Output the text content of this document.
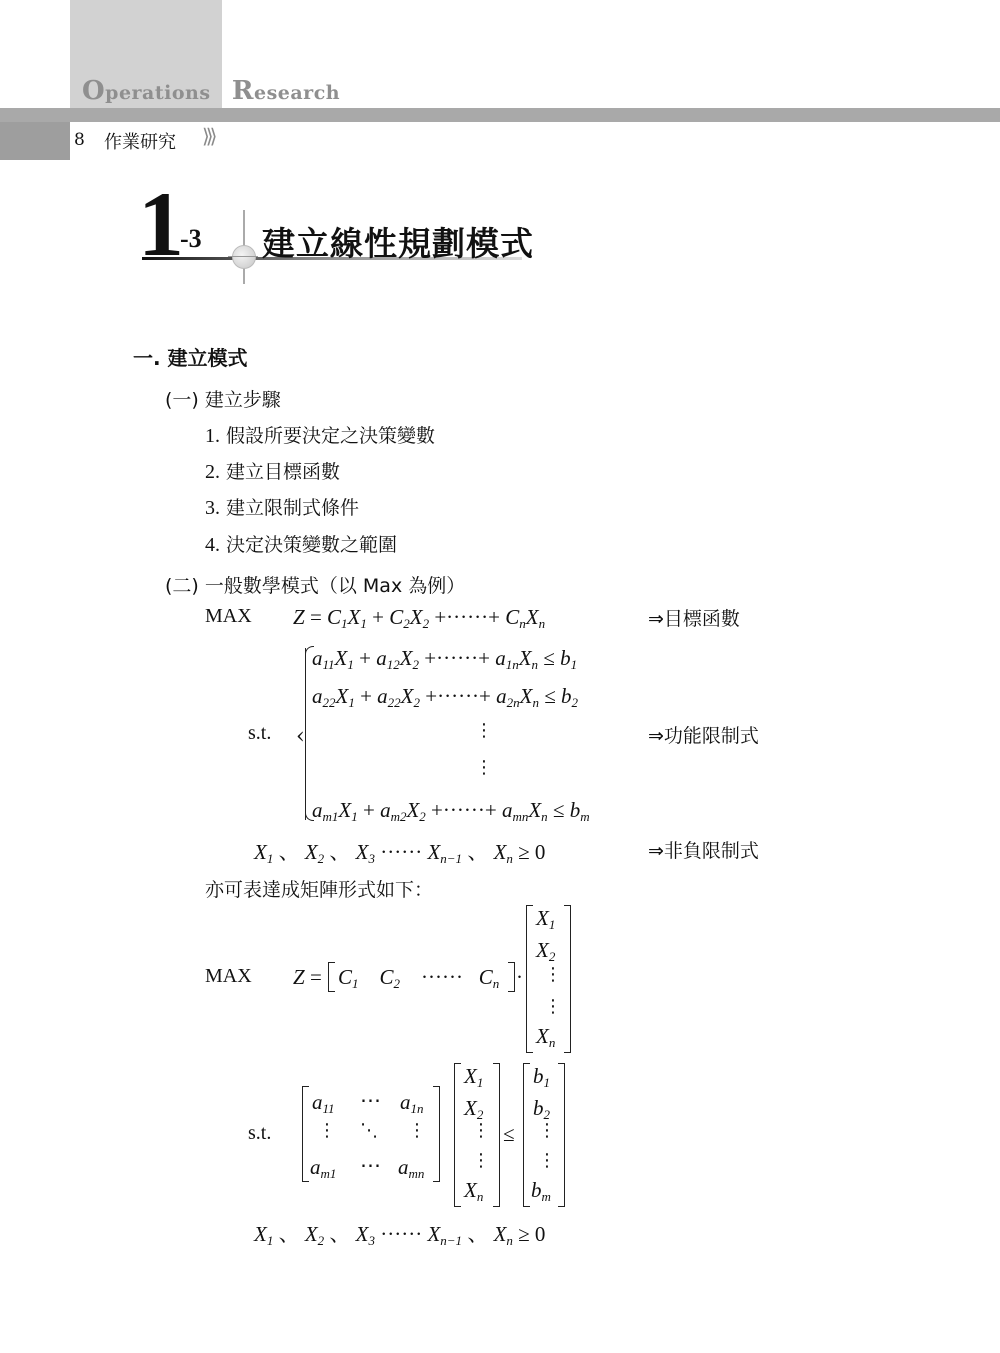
Operations Research
8 作業研究 ⟩⟩⟩
1
-3 建立線性規劃模式
一. 建立模式
(一) 建立步驟
1. 假設所要決定之決策變數
2. 建立目標函數
3. 建立限制式條件
4. 決定決策變數之範圍
(二) 一般數學模式（以 Max 為例）
MAX $Z = C_1X_1 + C_2X_2$ +······+ $C_nX_n$	⇒目標函數
‹
s.t.
$a_{11}X_1 + a_{12}X_2$ +······+ $a_{1n}X_n \le b_1$
$a_{22}X_1 + a_{22}X_2$ +······+ $a_{2n}X_n \le b_2$
⋮
⋮
$a_{m1}X_1 + a_{m2}X_2$ +······+ $a_{mn}X_n \le b_m$
⇒功能限制式
$X_1$ 、 $X_2$ 、 $X_3$ ······ $X_{n-1}$ 、 $X_n \ge 0$	⇒非負限制式
亦可表達成矩陣形式如下：
MAX $Z = C_1$    $C_2$ ······   $C_n$ ·
$X_1$
$X_2$
⋮
⋮
$X_n$
s.t.
$a_{11}$ ⋯ $a_{1n}$
⋮ ⋱ ⋮
$a_{m1}$ ⋯ $a_{mn}$
$X_1$
$X_2$
⋮
⋮
$X_n$
≤
$b_1$
$b_2$
⋮
⋮
$b_m$
$X_1$ 、 $X_2$ 、 $X_3$ ······ $X_{n-1}$ 、 $X_n \ge 0$
